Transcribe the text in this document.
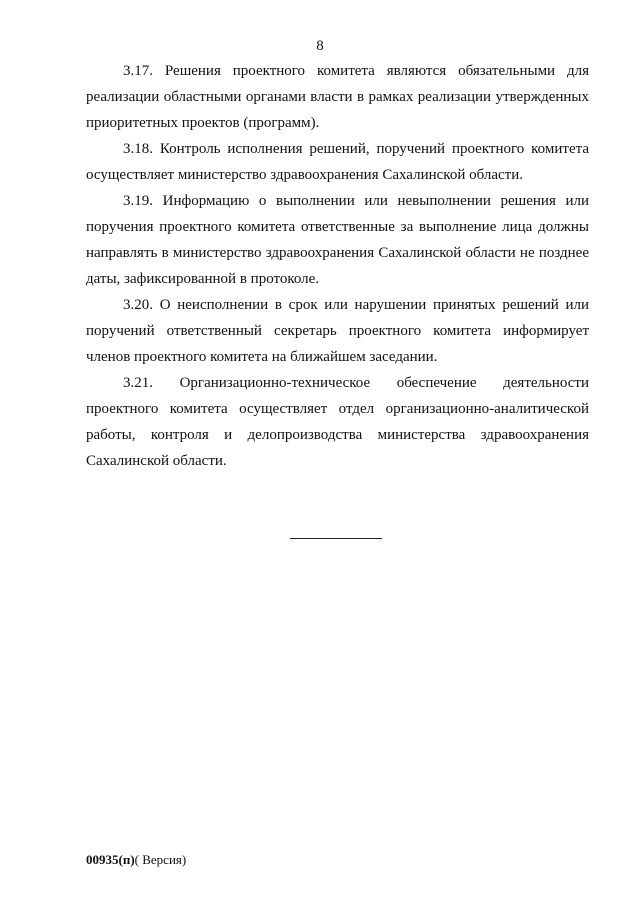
8

3.17. Решения проектного комитета являются обязательными для реализации областными органами власти в рамках реализации утвержденных приоритетных проектов (программ).

3.18. Контроль исполнения решений, поручений проектного комитета осуществляет министерство здравоохранения Сахалинской области.

3.19. Информацию о выполнении или невыполнении решения или поручения проектного комитета ответственные за выполнение лица должны направлять в министерство здравоохранения Сахалинской области не позднее даты, зафиксированной в протоколе.

3.20. О неисполнении в срок или нарушении принятых решений или поручений ответственный секретарь проектного комитета информирует членов проектного комитета на ближайшем заседании.

3.21. Организационно-техническое обеспечение деятельности проектного комитета осуществляет отдел организационно-аналитической работы, контроля и делопроизводства министерства здравоохранения Сахалинской области.

00935(п)( Версия)
